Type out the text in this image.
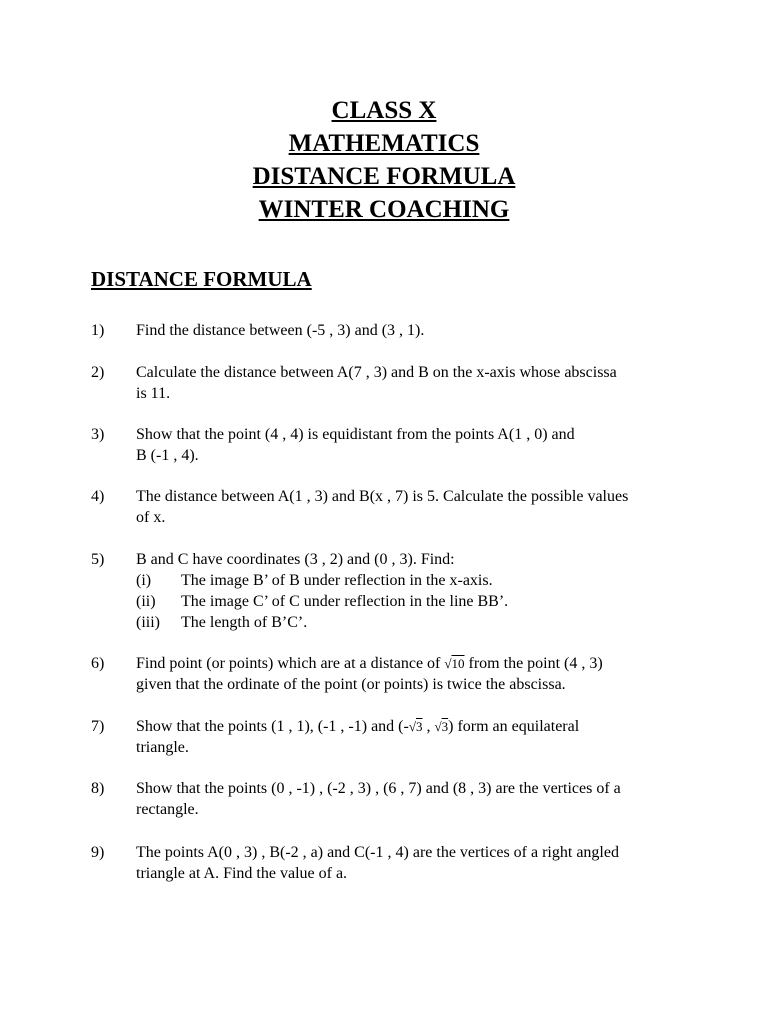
CLASS X
MATHEMATICS
DISTANCE FORMULA
WINTER COACHING
DISTANCE FORMULA
1) Find the distance between (-5 , 3) and (3 , 1).
2) Calculate the distance between A(7 , 3) and B on the x-axis whose abscissa
is 11.
3) Show that the point (4 , 4) is equidistant from the points A(1 , 0) and
B (-1 , 4).
4) The distance between A(1 , 3) and B(x , 7) is 5. Calculate the possible values
of x.
5) B and C have coordinates (3 , 2) and (0 , 3). Find:
(i) The image B’ of B under reflection in the x-axis.
(ii) The image C’ of C under reflection in the line BB’.
(iii) The length of B’C’.
6) Find point (or points) which are at a distance of √10 from the point (4 , 3)
given that the ordinate of the point (or points) is twice the abscissa.
7) Show that the points (1 , 1), (-1 , -1) and (-√3 , √3) form an equilateral
triangle.
8) Show that the points (0 , -1) , (-2 , 3) , (6 , 7) and (8 , 3) are the vertices of a
rectangle.
9) The points A(0 , 3) , B(-2 , a) and C(-1 , 4) are the vertices of a right angled
triangle at A. Find the value of a.
